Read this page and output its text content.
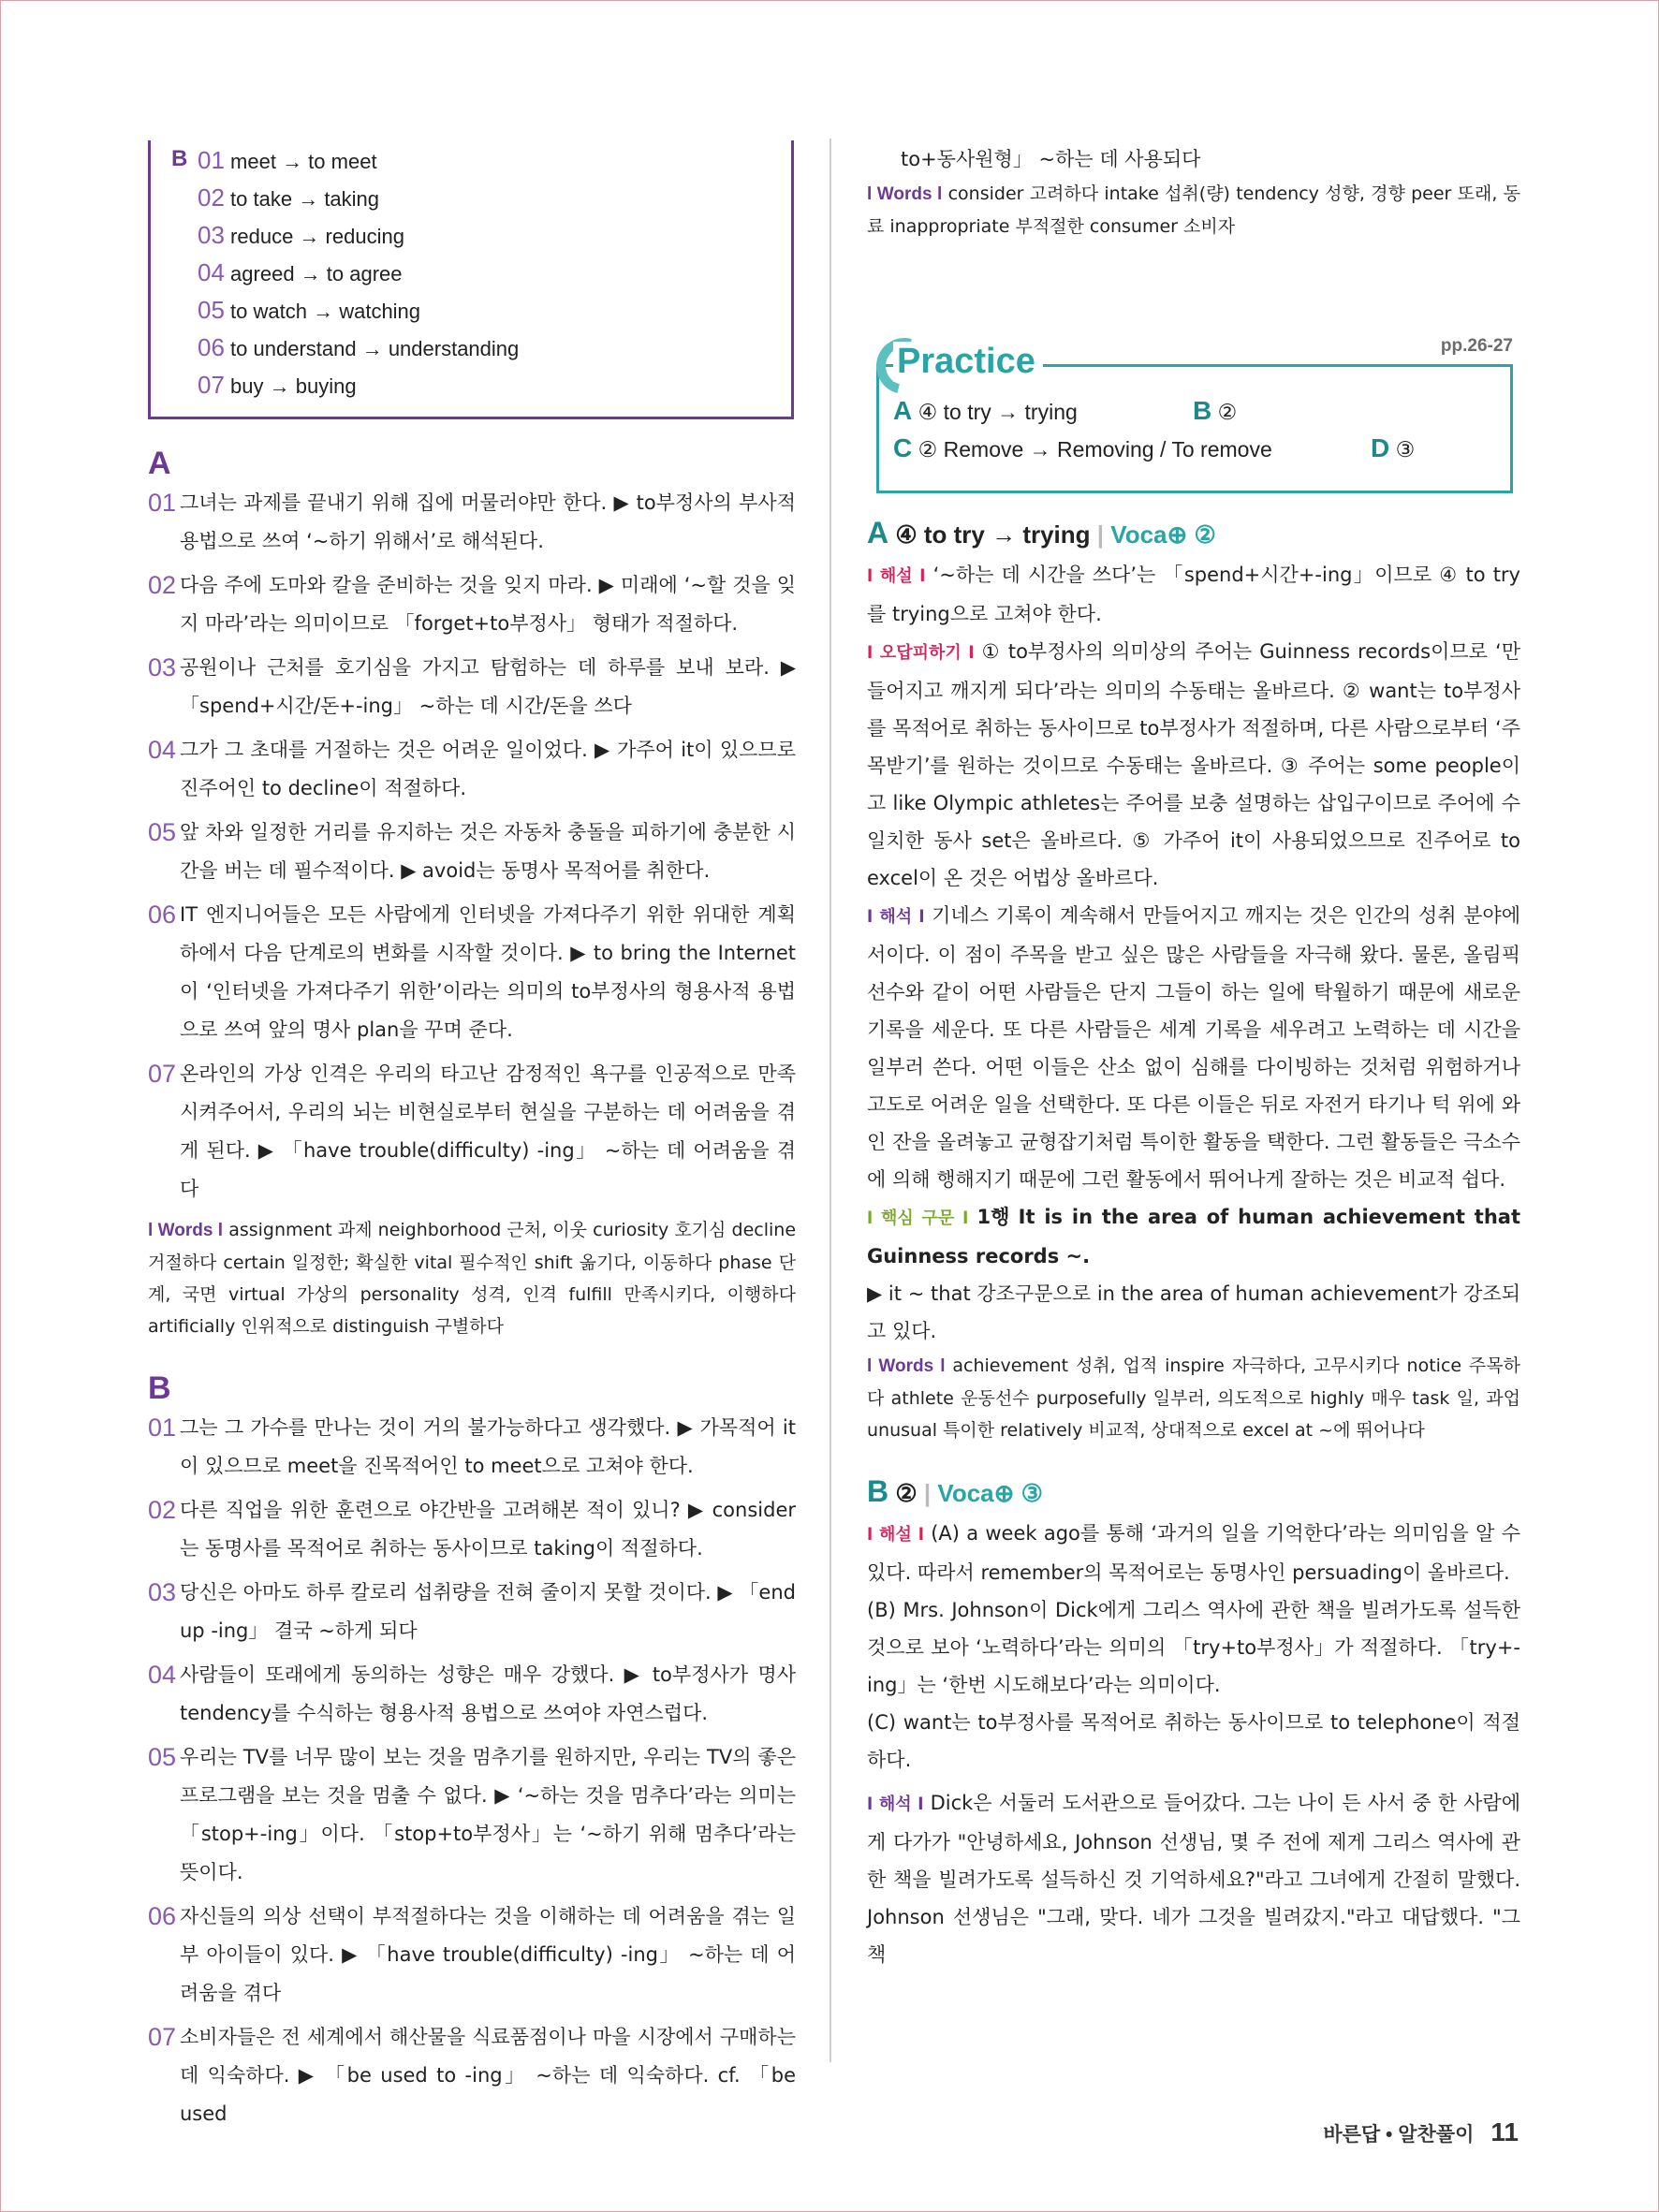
B 01 meet → to meet
02 to take → taking
03 reduce → reducing
04 agreed → to agree
05 to watch → watching
06 to understand → understanding
07 buy → buying
A
01 그녀는 과제를 끝내기 위해 집에 머물러야만 한다. ▶ to부정사의 부사적 용법으로 쓰여 ‘~하기 위해서’로 해석된다.
02 다음 주에 도마와 칼을 준비하는 것을 잊지 마라. ▶ 미래에 ‘~할 것을 잊지 마라’라는 의미이므로 「forget+to부정사」 형태가 적절하다.
03 공원이나 근처를 호기심을 가지고 탐험하는 데 하루를 보내 보라. ▶ 「spend+시간/돈+-ing」 ~하는 데 시간/돈을 쓰다
04 그가 그 초대를 거절하는 것은 어려운 일이었다. ▶ 가주어 it이 있으므로 진주어인 to decline이 적절하다.
05 앞 차와 일정한 거리를 유지하는 것은 자동차 충돌을 피하기에 충분한 시간을 버는 데 필수적이다. ▶ avoid는 동명사 목적어를 취한다.
06 IT 엔지니어들은 모든 사람에게 인터넷을 가져다주기 위한 위대한 계획 하에서 다음 단계로의 변화를 시작할 것이다. ▶ to bring the Internet이 ‘인터넷을 가져다주기 위한’이라는 의미의 to부정사의 형용사적 용법으로 쓰여 앞의 명사 plan을 꾸며 준다.
07 온라인의 가상 인격은 우리의 타고난 감정적인 욕구를 인공적으로 만족시켜주어서, 우리의 뇌는 비현실로부터 현실을 구분하는 데 어려움을 겪게 된다. ▶ 「have trouble(difficulty) -ing」 ~하는 데 어려움을 겪다
l Words l assignment 과제 neighborhood 근처, 이웃 curiosity 호기심 decline 거절하다 certain 일정한; 확실한 vital 필수적인 shift 옮기다, 이동하다 phase 단계, 국면 virtual 가상의 personality 성격, 인격 fulfill 만족시키다, 이행하다 artificially 인위적으로 distinguish 구별하다
B
01 그는 그 가수를 만나는 것이 거의 불가능하다고 생각했다. ▶ 가목적어 it이 있으므로 meet을 진목적어인 to meet으로 고쳐야 한다.
02 다른 직업을 위한 훈련으로 야간반을 고려해본 적이 있니? ▶ consider는 동명사를 목적어로 취하는 동사이므로 taking이 적절하다.
03 당신은 아마도 하루 칼로리 섭취량을 전혀 줄이지 못할 것이다. ▶ 「end up -ing」 결국 ~하게 되다
04 사람들이 또래에게 동의하는 성향은 매우 강했다. ▶ to부정사가 명사 tendency를 수식하는 형용사적 용법으로 쓰여야 자연스럽다.
05 우리는 TV를 너무 많이 보는 것을 멈추기를 원하지만, 우리는 TV의 좋은 프로그램을 보는 것을 멈출 수 없다. ▶ ‘~하는 것을 멈추다’라는 의미는 「stop+-ing」이다. 「stop+to부정사」는 ‘~하기 위해 멈추다’라는 뜻이다.
06 자신들의 의상 선택이 부적절하다는 것을 이해하는 데 어려움을 겪는 일부 아이들이 있다. ▶ 「have trouble(difficulty) -ing」 ~하는 데 어려움을 겪다
07 소비자들은 전 세계에서 해산물을 식료품점이나 마을 시장에서 구매하는 데 익숙하다. ▶ 「be used to -ing」 ~하는 데 익숙하다. cf. 「be used
to+동사원형」 ~하는 데 사용되다
l Words l consider 고려하다 intake 섭취(량) tendency 성향, 경향 peer 또래, 동료 inappropriate 부적절한 consumer 소비자
Practice	pp.26-27
A ④ to try → trying	B ②
C ② Remove → Removing / To remove	D ③
A ④ to try → trying | Voca⊕ ②
l 해설 l ‘~하는 데 시간을 쓰다’는 「spend+시간+-ing」이므로 ④ to try를 trying으로 고쳐야 한다.
l 오답피하기 l ① to부정사의 의미상의 주어는 Guinness records이므로 ‘만들어지고 깨지게 되다’라는 의미의 수동태는 올바르다. ② want는 to부정사를 목적어로 취하는 동사이므로 to부정사가 적절하며, 다른 사람으로부터 ‘주목받기’를 원하는 것이므로 수동태는 올바르다. ③ 주어는 some people이고 like Olympic athletes는 주어를 보충 설명하는 삽입구이므로 주어에 수일치한 동사 set은 올바르다. ⑤ 가주어 it이 사용되었으므로 진주어로 to excel이 온 것은 어법상 올바르다.
l 해석 l 기네스 기록이 계속해서 만들어지고 깨지는 것은 인간의 성취 분야에서이다. 이 점이 주목을 받고 싶은 많은 사람들을 자극해 왔다. 물론, 올림픽 선수와 같이 어떤 사람들은 단지 그들이 하는 일에 탁월하기 때문에 새로운 기록을 세운다. 또 다른 사람들은 세계 기록을 세우려고 노력하는 데 시간을 일부러 쓴다. 어떤 이들은 산소 없이 심해를 다이빙하는 것처럼 위험하거나 고도로 어려운 일을 선택한다. 또 다른 이들은 뒤로 자전거 타기나 턱 위에 와인 잔을 올려놓고 균형잡기처럼 특이한 활동을 택한다. 그런 활동들은 극소수에 의해 행해지기 때문에 그런 활동에서 뛰어나게 잘하는 것은 비교적 쉽다.
l 핵심 구문 l 1행 It is in the area of human achievement that Guinness records ~.
▶ it ~ that 강조구문으로 in the area of human achievement가 강조되고 있다.
l Words l achievement 성취, 업적 inspire 자극하다, 고무시키다 notice 주목하다 athlete 운동선수 purposefully 일부러, 의도적으로 highly 매우 task 일, 과업 unusual 특이한 relatively 비교적, 상대적으로 excel at ~에 뛰어나다
B ② | Voca⊕ ③
l 해설 l (A) a week ago를 통해 ‘과거의 일을 기억한다’라는 의미임을 알 수 있다. 따라서 remember의 목적어로는 동명사인 persuading이 올바르다.
(B) Mrs. Johnson이 Dick에게 그리스 역사에 관한 책을 빌려가도록 설득한 것으로 보아 ‘노력하다’라는 의미의 「try+to부정사」가 적절하다. 「try+-ing」는 ‘한번 시도해보다’라는 의미이다.
(C) want는 to부정사를 목적어로 취하는 동사이므로 to telephone이 적절하다.
l 해석 l Dick은 서둘러 도서관으로 들어갔다. 그는 나이 든 사서 중 한 사람에게 다가가 "안녕하세요, Johnson 선생님, 몇 주 전에 제게 그리스 역사에 관한 책을 빌려가도록 설득하신 것 기억하세요?"라고 그녀에게 간절히 말했다. Johnson 선생님은 "그래, 맞다. 네가 그것을 빌려갔지."라고 대답했다. "그 책
바른답 • 알찬풀이 11
